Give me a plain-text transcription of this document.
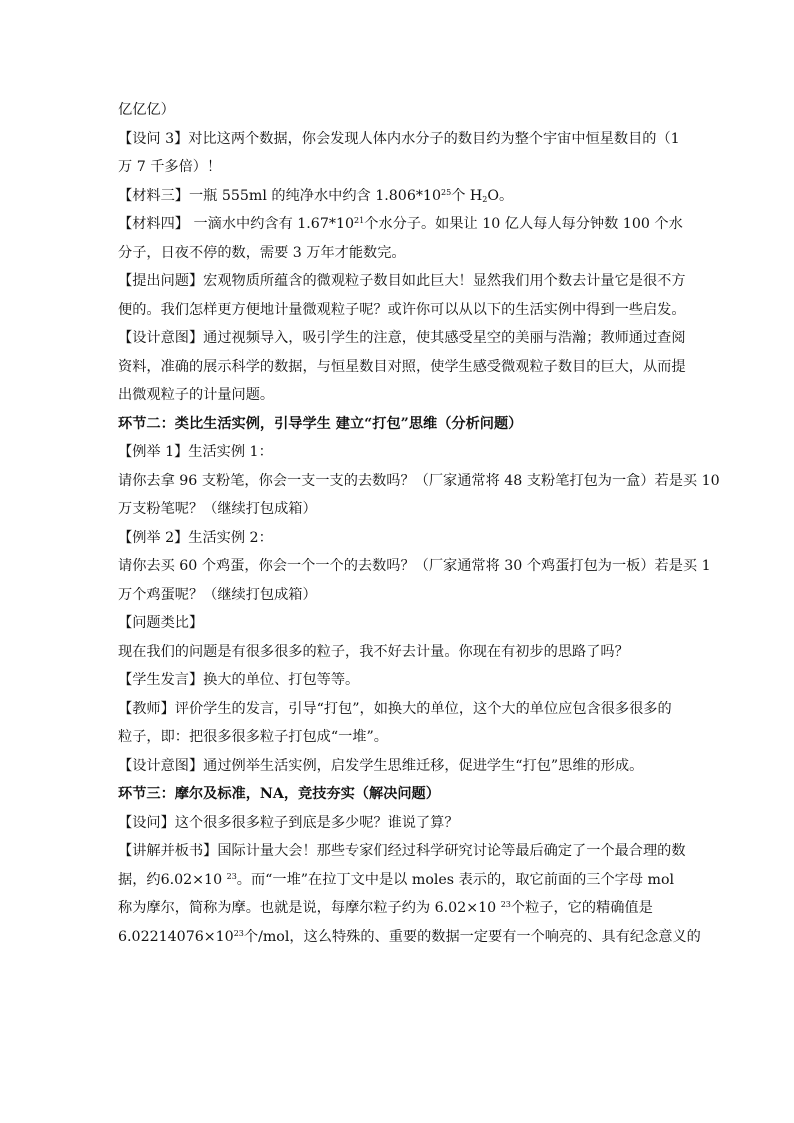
亿亿亿）
【设问 3】对比这两个数据，你会发现人体内水分子的数目约为整个宇宙中恒星数目的（1
万 7 千多倍）！
【材料三】一瓶 555ml 的纯净水中约含 $1.806*10^{25}$个 $H_2O$。
【材料四】 一滴水中约含有 $1.67*10^{21}$个水分子。如果让 10 亿人每人每分钟数 100 个水
分子，日夜不停的数，需要 3 万年才能数完。
【提出问题】宏观物质所蕴含的微观粒子数目如此巨大！显然我们用个数去计量它是很不方
便的。我们怎样更方便地计量微观粒子呢？或许你可以从以下的生活实例中得到一些启发。
【设计意图】通过视频导入，吸引学生的注意，使其感受星空的美丽与浩瀚；教师通过查阅
资料，准确的展示科学的数据，与恒星数目对照，使学生感受微观粒子数目的巨大，从而提
出微观粒子的计量问题。
环节二：类比生活实例，引导学生 建立“打包”思维（分析问题）
【例举 1】生活实例 1：
请你去拿 96 支粉笔，你会一支一支的去数吗？（厂家通常将 48 支粉笔打包为一盒）若是买 10
万支粉笔呢？（继续打包成箱）
【例举 2】生活实例 2：
请你去买 60 个鸡蛋，你会一个一个的去数吗？（厂家通常将 30 个鸡蛋打包为一板）若是买 1
万个鸡蛋呢？（继续打包成箱）
【问题类比】
现在我们的问题是有很多很多的粒子，我不好去计量。你现在有初步的思路了吗？
【学生发言】换大的单位、打包等等。
【教师】评价学生的发言，引导“打包”，如换大的单位，这个大的单位应包含很多很多的
粒子，即：把很多很多粒子打包成“一堆”。
【设计意图】通过例举生活实例，启发学生思维迁移，促进学生“打包”思维的形成。
环节三：摩尔及标准，NA，竞技夯实（解决问题）
【设问】这个很多很多粒子到底是多少呢？谁说了算？
【讲解并板书】国际计量大会！那些专家们经过科学研究讨论等最后确定了一个最合理的数
据，约6.02×10 $^{23}$。而“一堆”在拉丁文中是以 moles 表示的，取它前面的三个字母 mol
称为摩尔，简称为摩。也就是说，每摩尔粒子约为 6.02×10 $^{23}$个粒子，它的精确值是
$6.02214076\times 10^{23}$个/mol，这么特殊的、重要的数据一定要有一个响亮的、具有纪念意义的
